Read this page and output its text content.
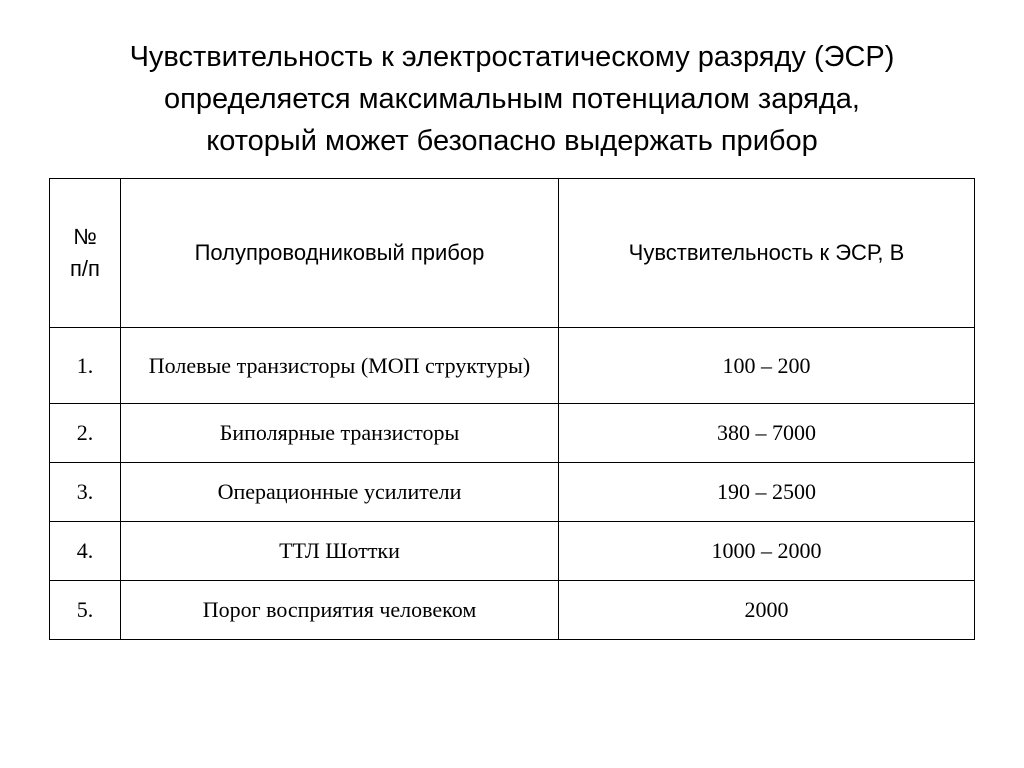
Чувствительность к электростатическому разряду (ЭСР)
определяется максимальным потенциалом заряда,
который может безопасно выдержать прибор
№
п/п	Полупроводниковый прибор	Чувствительность к ЭСР, В
1.	Полевые транзисторы (МОП структуры)	100 – 200
2.	Биполярные транзисторы	380 – 7000
3.	Операционные усилители	190 – 2500
4.	ТТЛ Шоттки	1000 – 2000
5.	Порог восприятия человеком	2000
